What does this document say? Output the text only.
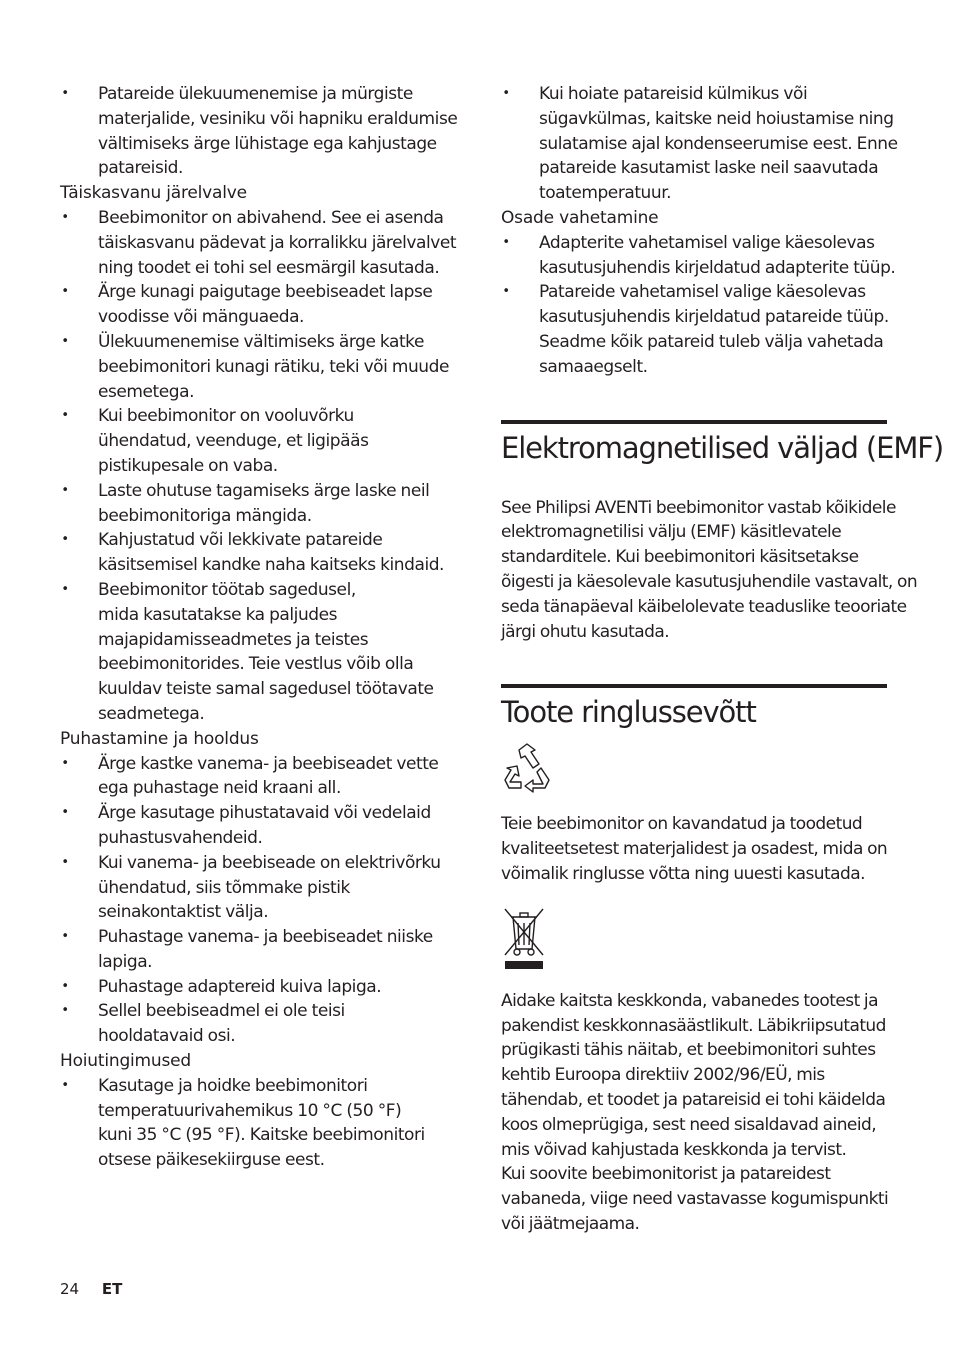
• Patareide ülekuumenemise ja mürgiste
materjalide, vesiniku või hapniku eraldumise
vältimiseks ärge lühistage ega kahjustage
patareisid.
Täiskasvanu järelvalve
• Beebimonitor on abivahend. See ei asenda
täiskasvanu pädevat ja korralikku järelvalvet
ning toodet ei tohi sel eesmärgil kasutada.
• Ärge kunagi paigutage beebiseadet lapse
voodisse või mänguaeda.
• Ülekuumenemise vältimiseks ärge katke
beebimonitori kunagi rätiku, teki või muude
esemetega.
• Kui beebimonitor on vooluvõrku
ühendatud, veenduge, et ligipääs
pistikupesale on vaba.
• Laste ohutuse tagamiseks ärge laske neil
beebimonitoriga mängida.
• Kahjustatud või lekkivate patareide
käsitsemisel kandke naha kaitseks kindaid.
• Beebimonitor töötab sagedusel,
mida kasutatakse ka paljudes
majapidamisseadmetes ja teistes
beebimonitorides. Teie vestlus võib olla
kuuldav teiste samal sagedusel töötavate
seadmetega.
Puhastamine ja hooldus
• Ärge kastke vanema- ja beebiseadet vette
ega puhastage neid kraani all.
• Ärge kasutage pihustatavaid või vedelaid
puhastusvahendeid.
• Kui vanema- ja beebiseade on elektrivõrku
ühendatud, siis tõmmake pistik
seinakontaktist välja.
• Puhastage vanema- ja beebiseadet niiske
lapiga.
• Puhastage adaptereid kuiva lapiga.
• Sellel beebiseadmel ei ole teisi
hooldatavaid osi.
Hoiutingimused
• Kasutage ja hoidke beebimonitori
temperatuurivahemikus 10 °C (50 °F)
kuni 35 °C (95 °F). Kaitske beebimonitori
otsese päikesekiirguse eest.
• Kui hoiate patareisid külmikus või
sügavkülmas, kaitske neid hoiustamise ning
sulatamise ajal kondenseerumise eest. Enne
patareide kasutamist laske neil saavutada
toatemperatuur.
Osade vahetamine
• Adapterite vahetamisel valige käesolevas
kasutusjuhendis kirjeldatud adapterite tüüp.
• Patareide vahetamisel valige käesolevas
kasutusjuhendis kirjeldatud patareide tüüp.
Seadme kõik patareid tuleb välja vahetada
samaaegselt.
Elektromagnetilised väljad (EMF)
See Philipsi AVENTi beebimonitor vastab kõikidele
elektromagnetilisi välju (EMF) käsitlevatele
standarditele. Kui beebimonitori käsitsetakse
õigesti ja käesolevale kasutusjuhendile vastavalt, on
seda tänapäeval käibelolevate teaduslike teooriate
järgi ohutu kasutada.
Toote ringlussevõtt
Teie beebimonitor on kavandatud ja toodetud
kvaliteetsetest materjalidest ja osadest, mida on
võimalik ringlusse võtta ning uuesti kasutada.
Aidake kaitsta keskkonda, vabanedes tootest ja
pakendist keskkonnasäästlikult. Läbikriipsutatud
prügikasti tähis näitab, et beebimonitori suhtes
kehtib Euroopa direktiiv 2002/96/EÜ, mis
tähendab, et toodet ja patareisid ei tohi käidelda
koos olmeprügiga, sest need sisaldavad aineid,
mis võivad kahjustada keskkonda ja tervist.
Kui soovite beebimonitorist ja patareidest
vabaneda, viige need vastavasse kogumispunkti
või jäätmejaama.
24 ET
